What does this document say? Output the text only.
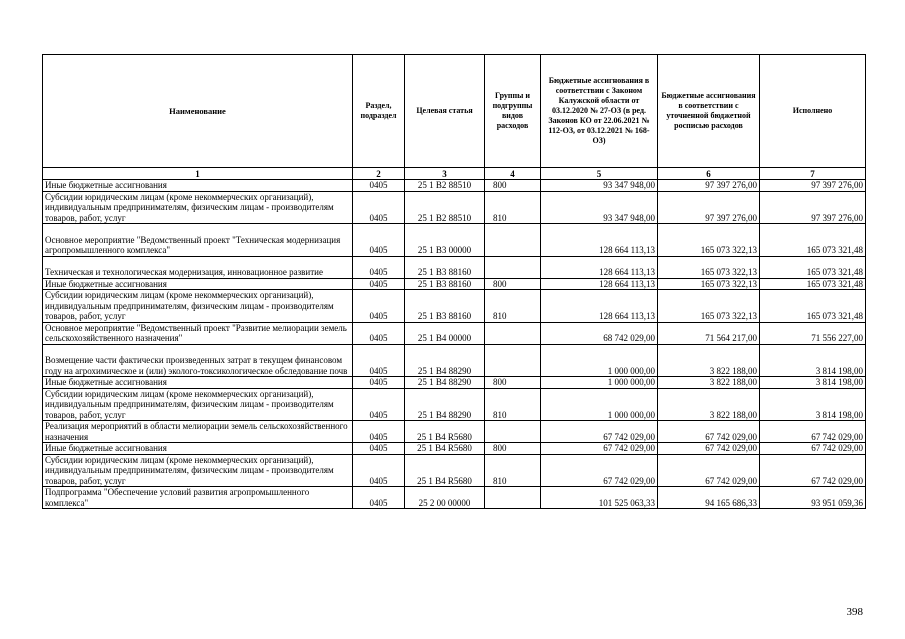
Наименование	Раздел, подраздел	Целевая статья	Группы и подгруппы видов расходов	Бюджетные ассигнования в соответствии с Законом Калужской области от 03.12.2020 № 27-ОЗ (в ред. Законов КО от 22.06.2021 № 112-ОЗ, от 03.12.2021 № 168-ОЗ)	Бюджетные ассигнования в соответствии с уточненной бюджетной росписью расходов	Исполнено
1	2	3	4	5	6	7
Иные бюджетные ассигнования	0405	25 1 B2 88510	800	93 347 948,00	97 397 276,00	97 397 276,00
Субсидии юридическим лицам (кроме некоммерческих организаций), индивидуальным предпринимателям, физическим лицам - производителям товаров, работ, услуг	0405	25 1 B2 88510	810	93 347 948,00	97 397 276,00	97 397 276,00
Основное мероприятие "Ведомственный проект "Техническая модернизация агропромышленного комплекса"	0405	25 1 B3 00000		128 664 113,13	165 073 322,13	165 073 321,48
Техническая и технологическая модернизация, инновационное развитие	0405	25 1 B3 88160		128 664 113,13	165 073 322,13	165 073 321,48
Иные бюджетные ассигнования	0405	25 1 B3 88160	800	128 664 113,13	165 073 322,13	165 073 321,48
Субсидии юридическим лицам (кроме некоммерческих организаций), индивидуальным предпринимателям, физическим лицам - производителям товаров, работ, услуг	0405	25 1 B3 88160	810	128 664 113,13	165 073 322,13	165 073 321,48
Основное мероприятие "Ведомственный проект "Развитие мелиорации земель сельскохозяйственного назначения"	0405	25 1 B4 00000		68 742 029,00	71 564 217,00	71 556 227,00
Возмещение части фактически произведенных затрат в текущем финансовом году на агрохимическое и (или) эколого-токсикологическое обследование почв	0405	25 1 B4 88290		1 000 000,00	3 822 188,00	3 814 198,00
Иные бюджетные ассигнования	0405	25 1 B4 88290	800	1 000 000,00	3 822 188,00	3 814 198,00
Субсидии юридическим лицам (кроме некоммерческих организаций), индивидуальным предпринимателям, физическим лицам - производителям товаров, работ, услуг	0405	25 1 B4 88290	810	1 000 000,00	3 822 188,00	3 814 198,00
Реализация мероприятий в области мелиорации земель сельскохозяйственного назначения	0405	25 1 B4 R5680		67 742 029,00	67 742 029,00	67 742 029,00
Иные бюджетные ассигнования	0405	25 1 B4 R5680	800	67 742 029,00	67 742 029,00	67 742 029,00
Субсидии юридическим лицам (кроме некоммерческих организаций), индивидуальным предпринимателям, физическим лицам - производителям товаров, работ, услуг	0405	25 1 B4 R5680	810	67 742 029,00	67 742 029,00	67 742 029,00
Подпрограмма "Обеспечение условий развития агропромышленного комплекса"	0405	25 2 00 00000		101 525 063,33	94 165 686,33	93 951 059,36
398
